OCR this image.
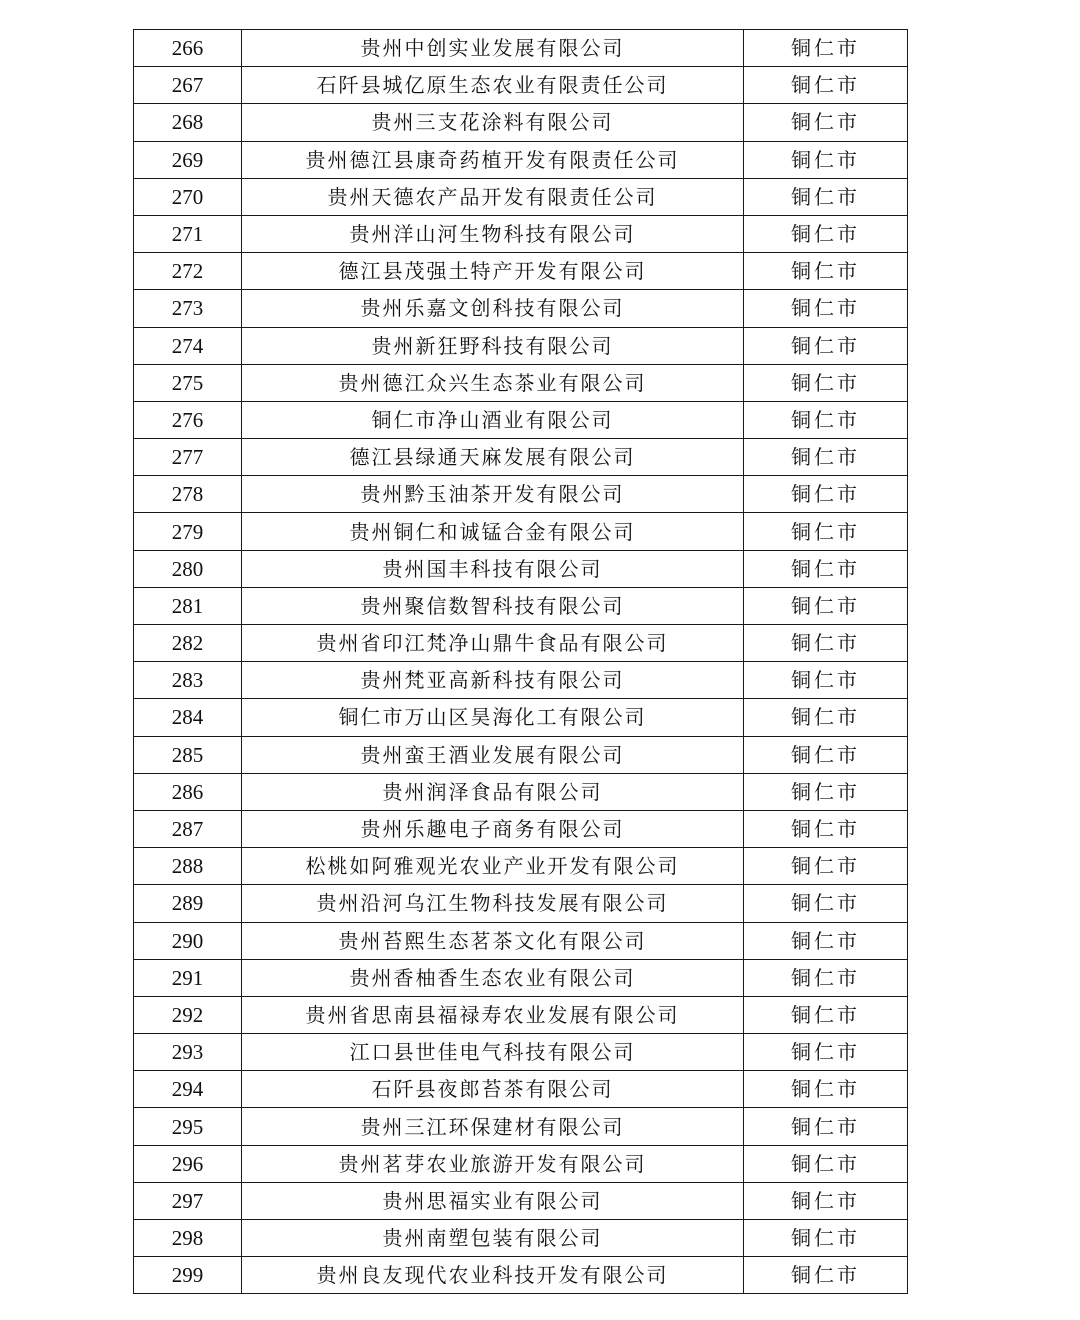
266	贵州中创实业发展有限公司	铜仁市
267	石阡县城亿原生态农业有限责任公司	铜仁市
268	贵州三支花涂料有限公司	铜仁市
269	贵州德江县康奇药植开发有限责任公司	铜仁市
270	贵州天德农产品开发有限责任公司	铜仁市
271	贵州洋山河生物科技有限公司	铜仁市
272	德江县茂强土特产开发有限公司	铜仁市
273	贵州乐嘉文创科技有限公司	铜仁市
274	贵州新狂野科技有限公司	铜仁市
275	贵州德江众兴生态茶业有限公司	铜仁市
276	铜仁市净山酒业有限公司	铜仁市
277	德江县绿通天麻发展有限公司	铜仁市
278	贵州黔玉油茶开发有限公司	铜仁市
279	贵州铜仁和诚锰合金有限公司	铜仁市
280	贵州国丰科技有限公司	铜仁市
281	贵州聚信数智科技有限公司	铜仁市
282	贵州省印江梵净山鼎牛食品有限公司	铜仁市
283	贵州梵亚高新科技有限公司	铜仁市
284	铜仁市万山区昊海化工有限公司	铜仁市
285	贵州蛮王酒业发展有限公司	铜仁市
286	贵州润泽食品有限公司	铜仁市
287	贵州乐趣电子商务有限公司	铜仁市
288	松桃如阿雅观光农业产业开发有限公司	铜仁市
289	贵州沿河乌江生物科技发展有限公司	铜仁市
290	贵州苔熙生态茗茶文化有限公司	铜仁市
291	贵州香柚香生态农业有限公司	铜仁市
292	贵州省思南县福禄寿农业发展有限公司	铜仁市
293	江口县世佳电气科技有限公司	铜仁市
294	石阡县夜郎苔茶有限公司	铜仁市
295	贵州三江环保建材有限公司	铜仁市
296	贵州茗芽农业旅游开发有限公司	铜仁市
297	贵州思福实业有限公司	铜仁市
298	贵州南塑包装有限公司	铜仁市
299	贵州良友现代农业科技开发有限公司	铜仁市
